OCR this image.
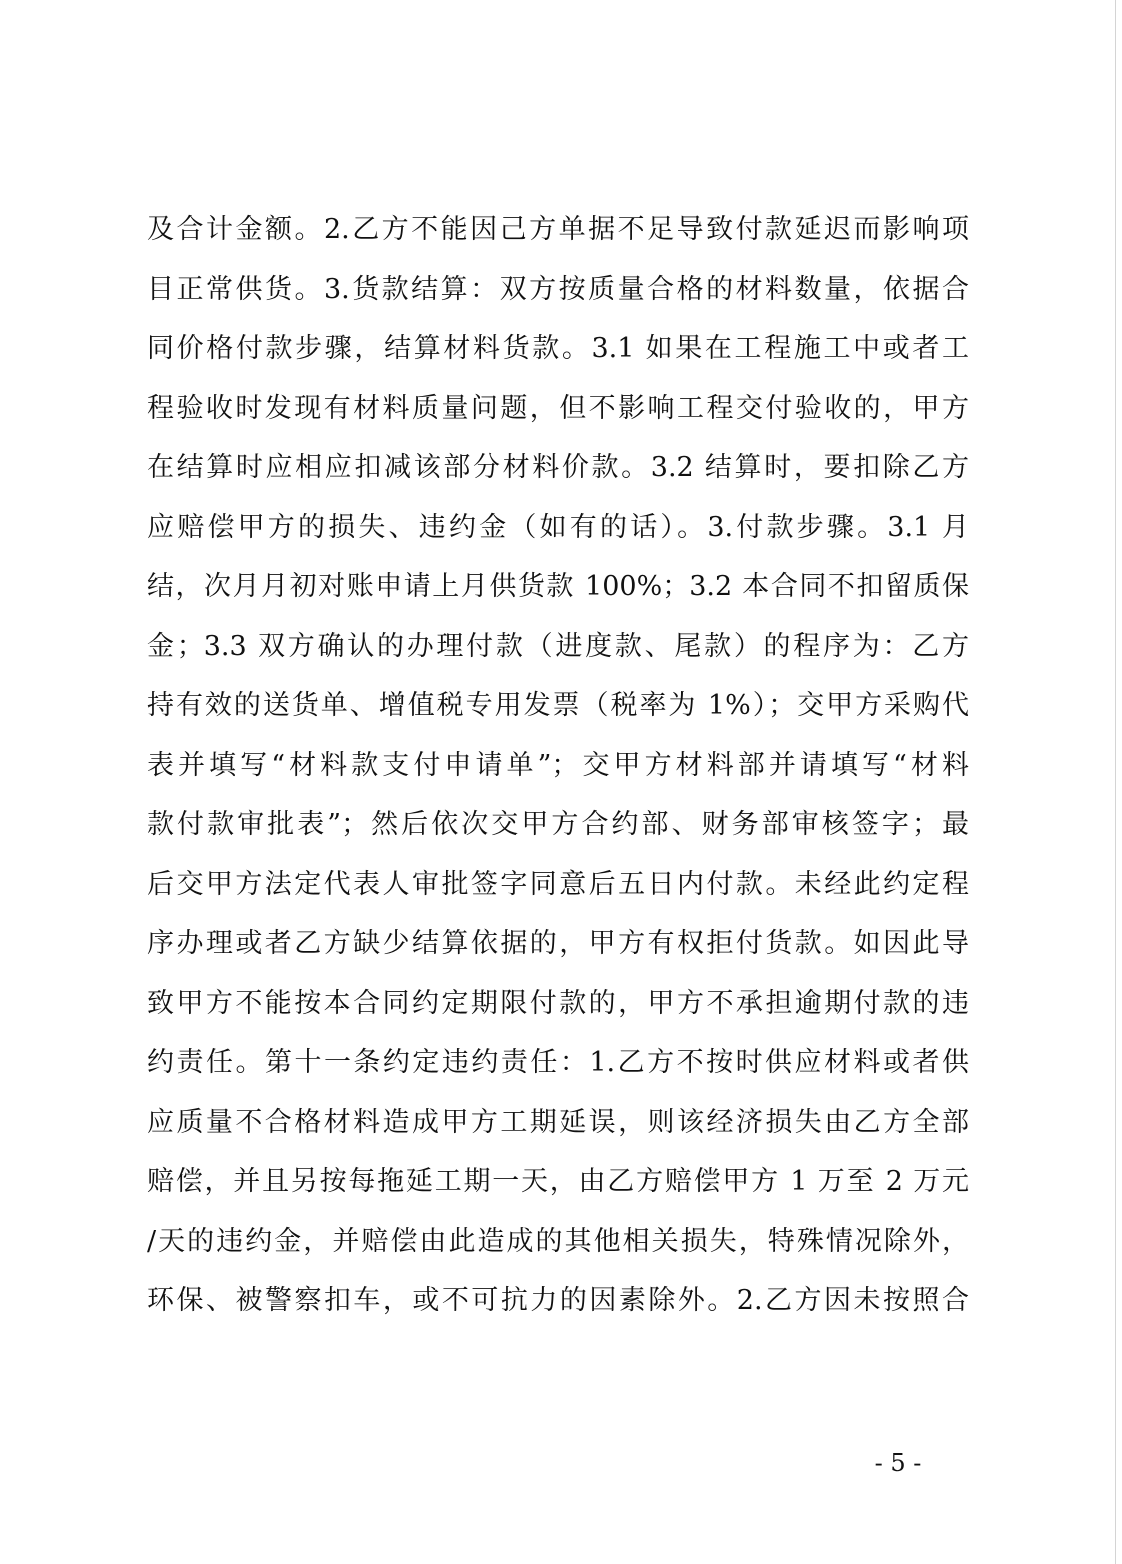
及合计金额。2.乙方不能因己方单据不足导致付款延迟而影响项
目正常供货。3.货款结算：双方按质量合格的材料数量，依据合
同价格付款步骤，结算材料货款。3.1 如果在工程施工中或者工
程验收时发现有材料质量问题，但不影响工程交付验收的，甲方
在结算时应相应扣减该部分材料价款。3.2 结算时，要扣除乙方
应赔偿甲方的损失、违约金（如有的话）。3.付款步骤。3.1 月
结，次月月初对账申请上月供货款 100%；3.2 本合同不扣留质保
金；3.3 双方确认的办理付款（进度款、尾款）的程序为：乙方
持有效的送货单、增值税专用发票（税率为 1%）；交甲方采购代
表并填写“材料款支付申请单”；交甲方材料部并请填写“材料
款付款审批表”；然后依次交甲方合约部、财务部审核签字；最
后交甲方法定代表人审批签字同意后五日内付款。未经此约定程
序办理或者乙方缺少结算依据的，甲方有权拒付货款。如因此导
致甲方不能按本合同约定期限付款的，甲方不承担逾期付款的违
约责任。第十一条约定违约责任：1.乙方不按时供应材料或者供
应质量不合格材料造成甲方工期延误，则该经济损失由乙方全部
赔偿，并且另按每拖延工期一天，由乙方赔偿甲方 1 万至 2 万元
/天的违约金，并赔偿由此造成的其他相关损失，特殊情况除外，
环保、被警察扣车，或不可抗力的因素除外。2.乙方因未按照合
- 5 -
